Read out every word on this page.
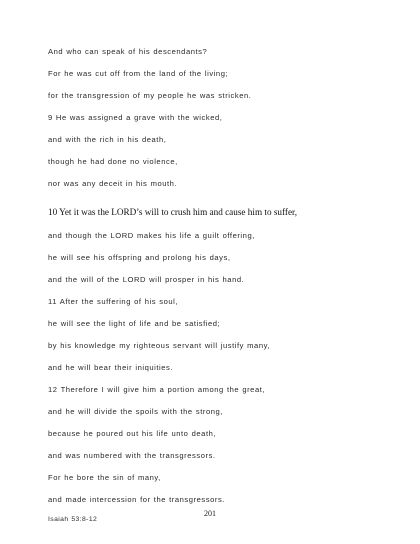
And who can speak of his descendants?
For he was cut off from the land of the living;
for the transgression of my people he was stricken.
9 He was assigned a grave with the wicked,
and with the rich in his death,
though he had done no violence,
nor was any deceit in his mouth.
10 Yet it was the LORD’s will to crush him and cause him to suffer,
and though the LORD makes his life a guilt offering,
he will see his offspring and prolong his days,
and the will of the LORD will prosper in his hand.
11 After the suffering of his soul,
he will see the light of life and be satisfied;
by his knowledge my righteous servant will justify many,
and he will bear their iniquities.
12 Therefore I will give him a portion among the great,
and he will divide the spoils with the strong,
because he poured out his life unto death,
and was numbered with the transgressors.
For he bore the sin of many,
and made intercession for the transgressors.
Isaiah 53:8-12
201
